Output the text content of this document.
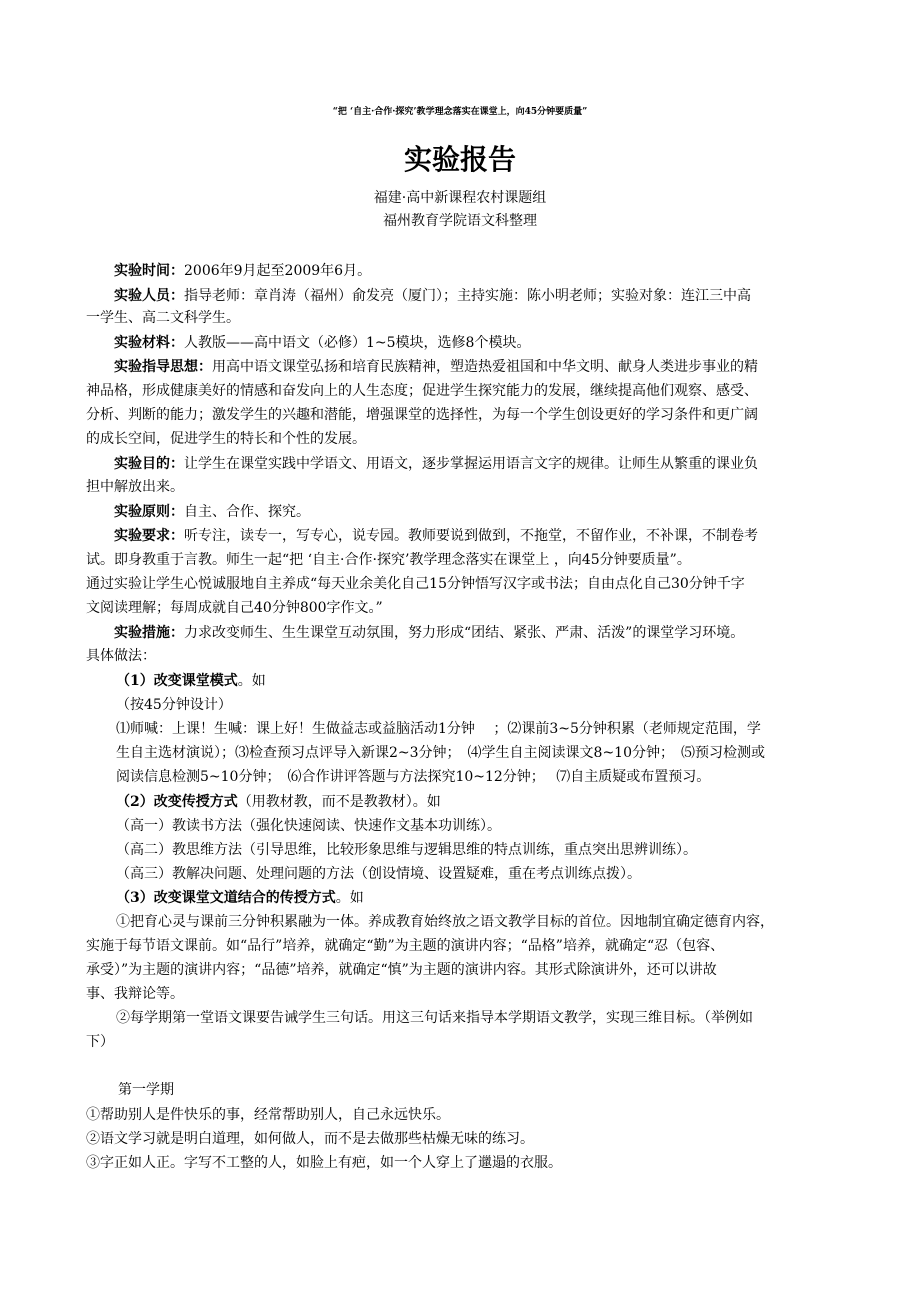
“把 ‘自主·合作·探究’教学理念落实在课堂上，向45分钟要质量”
实验报告
福建·高中新课程农村课题组
福州教育学院语文科整理
实验时间：2006年9月起至2009年6月。
实验人员：指导老师：章肖涛（福州）俞发亮（厦门）；主持实施：陈小明老师；实验对象：连江三中高
一学生、高二文科学生。
实验材料：人教版——高中语文（必修）1~5模块，选修8个模块。
实验指导思想：用高中语文课堂弘扬和培育民族精神，塑造热爱祖国和中华文明、献身人类进步事业的精
神品格，形成健康美好的情感和奋发向上的人生态度；促进学生探究能力的发展，继续提高他们观察、感受、
分析、判断的能力；激发学生的兴趣和潜能，增强课堂的选择性，为每一个学生创设更好的学习条件和更广阔
的成长空间，促进学生的特长和个性的发展。
实验目的：让学生在课堂实践中学语文、用语文，逐步掌握运用语言文字的规律。让师生从繁重的课业负
担中解放出来。
实验原则：自主、合作、探究。
实验要求：听专注，读专一，写专心，说专园。教师要说到做到，不拖堂，不留作业，不补课，不制卷考
试。即身教重于言教。师生一起“把 ‘自主·合作·探究’教学理念落实在课堂上 ，向45分钟要质量”。
通过实验让学生心悦诚服地自主养成“每天业余美化自己15分钟悟写汉字或书法；自由点化自己30分钟千字
文阅读理解；每周成就自己40分钟800字作文。”
实验措施：力求改变师生、生生课堂互动氛围，努力形成“团结、紧张、严肃、活泼”的课堂学习环境。
具体做法：
（1）改变课堂模式。如
（按45分钟设计）
⑴师喊：上课！生喊：课上好！生做益志或益脑活动1分钟　 ；⑵课前3~5分钟积累（老师规定范围，学
生自主选材演说）；⑶检查预习点评导入新课2~3分钟；　⑷学生自主阅读课文8~10分钟；　⑸预习检测或
阅读信息检测5~10分钟；　⑹合作讲评答题与方法探究10~12分钟；　 ⑺自主质疑或布置预习。
（2）改变传授方式（用教材教，而不是教教材）。如
（高一）教读书方法（强化快速阅读、快速作文基本功训练）。
（高二）教思维方法（引导思维，比较形象思维与逻辑思维的特点训练，重点突出思辨训练）。
（高三）教解决问题、处理问题的方法（创设情境、设置疑难，重在考点训练点拨）。
（3）改变课堂文道结合的传授方式。如
①把育心灵与课前三分钟积累融为一体。养成教育始终放之语文教学目标的首位。因地制宜确定德育内容，
实施于每节语文课前。如“品行”培养，就确定“勤”为主题的演讲内容；“品格”培养，就确定“忍（包容、
承受）”为主题的演讲内容；“品德”培养，就确定“慎”为主题的演讲内容。其形式除演讲外，还可以讲故
事、我辩论等。
②每学期第一堂语文课要告诫学生三句话。用这三句话来指导本学期语文教学，实现三维目标。（举例如
下）
第一学期
①帮助别人是件快乐的事，经常帮助别人，自己永远快乐。
②语文学习就是明白道理，如何做人，而不是去做那些枯燥无味的练习。
③字正如人正。字写不工整的人，如脸上有疤，如一个人穿上了邋遢的衣服。
